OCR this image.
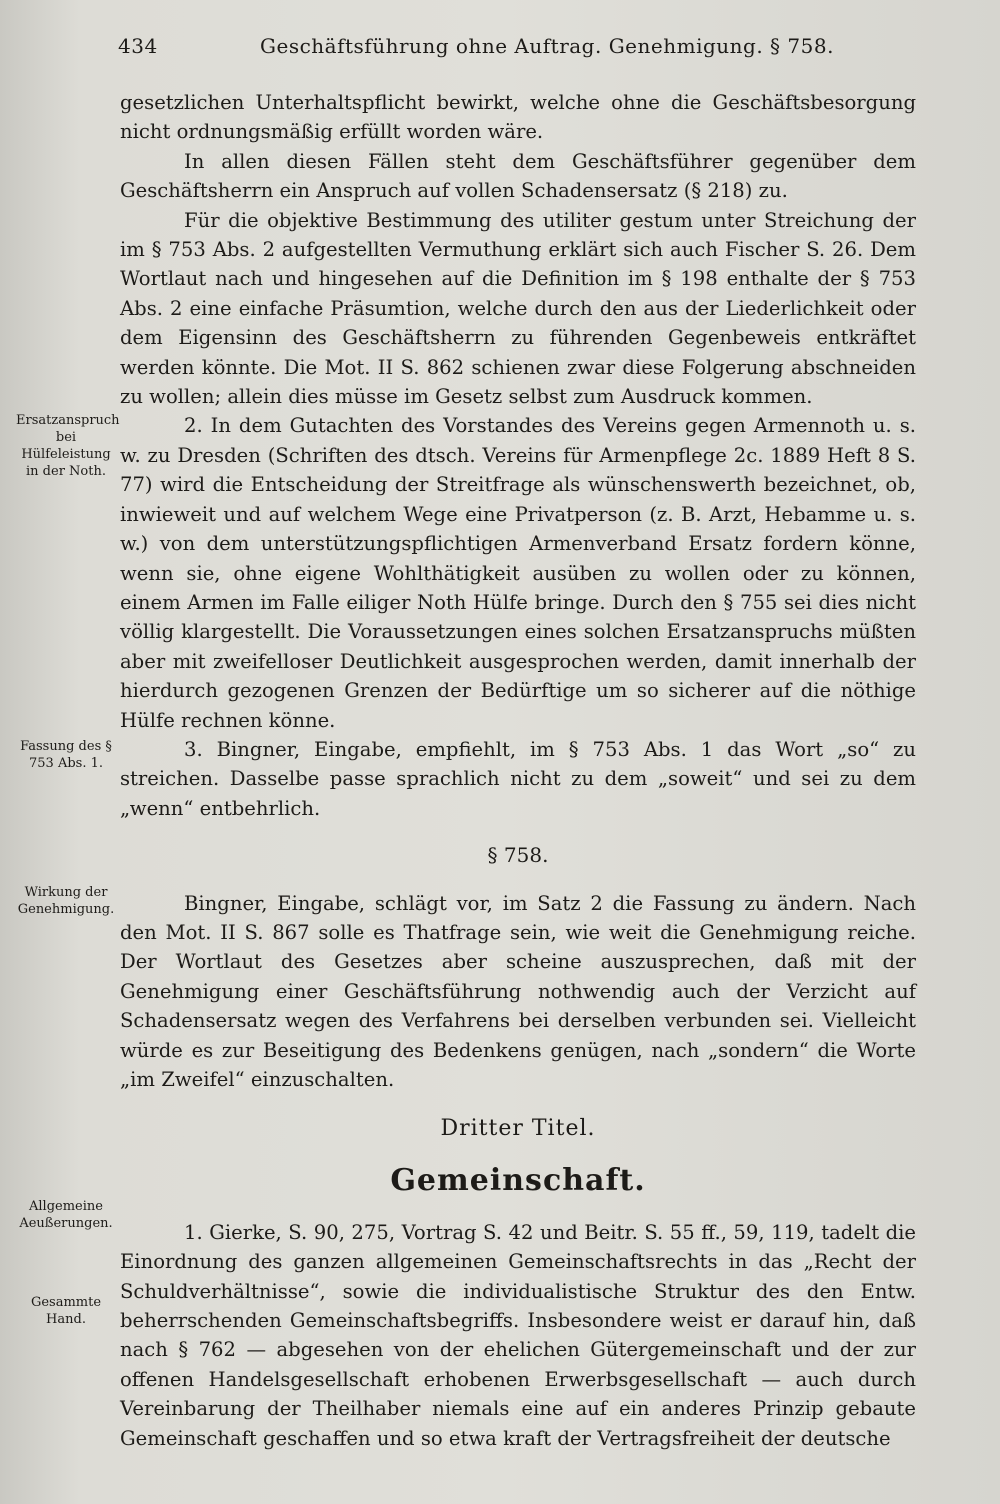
434	Geschäftsführung ohne Auftrag. Genehmigung. § 758.
Ersatzanspruch bei Hülfeleistung in der Noth.
Fassung des § 753 Abs. 1.
Wirkung der Genehmigung.
Allgemeine Aeußerungen.
Gesammte Hand.

gesetzlichen Unterhaltspflicht bewirkt, welche ohne die Geschäftsbesorgung nicht ordnungsmäßig erfüllt worden wäre.

In allen diesen Fällen steht dem Geschäftsführer gegenüber dem Geschäftsherrn ein Anspruch auf vollen Schadensersatz (§ 218) zu.

Für die objektive Bestimmung des utiliter gestum unter Streichung der im § 753 Abs. 2 aufgestellten Vermuthung erklärt sich auch Fischer S. 26. Dem Wortlaut nach und hingesehen auf die Definition im § 198 enthalte der § 753 Abs. 2 eine einfache Präsumtion, welche durch den aus der Liederlichkeit oder dem Eigensinn des Geschäftsherrn zu führenden Gegenbeweis entkräftet werden könnte. Die Mot. II S. 862 schienen zwar diese Folgerung abschneiden zu wollen; allein dies müsse im Gesetz selbst zum Ausdruck kommen.

2. In dem Gutachten des Vorstandes des Vereins gegen Armennoth u. s. w. zu Dresden (Schriften des dtsch. Vereins für Armenpflege 2c. 1889 Heft 8 S. 77) wird die Entscheidung der Streitfrage als wünschenswerth bezeichnet, ob, inwieweit und auf welchem Wege eine Privatperson (z. B. Arzt, Hebamme u. s. w.) von dem unterstützungspflichtigen Armenverband Ersatz fordern könne, wenn sie, ohne eigene Wohlthätigkeit ausüben zu wollen oder zu können, einem Armen im Falle eiliger Noth Hülfe bringe. Durch den § 755 sei dies nicht völlig klargestellt. Die Voraussetzungen eines solchen Ersatzanspruchs müßten aber mit zweifelloser Deutlichkeit ausgesprochen werden, damit innerhalb der hierdurch gezogenen Grenzen der Bedürftige um so sicherer auf die nöthige Hülfe rechnen könne.

3. Bingner, Eingabe, empfiehlt, im § 753 Abs. 1 das Wort „so“ zu streichen. Dasselbe passe sprachlich nicht zu dem „soweit“ und sei zu dem „wenn“ entbehrlich.

§ 758.

Bingner, Eingabe, schlägt vor, im Satz 2 die Fassung zu ändern. Nach den Mot. II S. 867 solle es Thatfrage sein, wie weit die Genehmigung reiche. Der Wortlaut des Gesetzes aber scheine auszusprechen, daß mit der Genehmigung einer Geschäftsführung nothwendig auch der Verzicht auf Schadensersatz wegen des Verfahrens bei derselben verbunden sei. Vielleicht würde es zur Beseitigung des Bedenkens genügen, nach „sondern“ die Worte „im Zweifel“ einzuschalten.

Dritter Titel.

Gemeinschaft.

1. Gierke, S. 90, 275, Vortrag S. 42 und Beitr. S. 55 ff., 59, 119, tadelt die Einordnung des ganzen allgemeinen Gemeinschaftsrechts in das „Recht der Schuldverhältnisse“, sowie die individualistische Struktur des den Entw. beherrschenden Gemeinschaftsbegriffs. Insbesondere weist er darauf hin, daß nach § 762 — abgesehen von der ehelichen Gütergemeinschaft und der zur offenen Handelsgesellschaft erhobenen Erwerbsgesellschaft — auch durch Vereinbarung der Theilhaber niemals eine auf ein anderes Prinzip gebaute Gemeinschaft geschaffen und so etwa kraft der Vertragsfreiheit der deutsche
